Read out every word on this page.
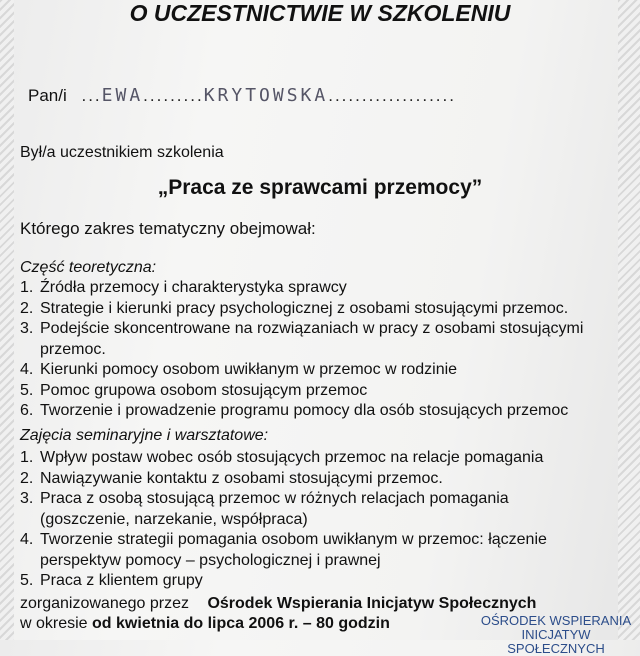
O UCZESTNICTWIE W SZKOLENIU
Pan/i ...EWA.........KRYTOWSKA...................
Był/a uczestnikiem szkolenia
„Praca ze sprawcami przemocy”
Którego zakres tematyczny obejmował:
Część teoretyczna:
1. Źródła przemocy i charakterystyka sprawcy
2. Strategie i kierunki pracy psychologicznej z osobami stosującymi przemoc.
3. Podejście skoncentrowane na rozwiązaniach w pracy z osobami stosującymi
przemoc.
4. Kierunki pomocy osobom uwikłanym w przemoc w rodzinie
5. Pomoc grupowa osobom stosującym przemoc
6. Tworzenie i prowadzenie programu pomocy dla osób stosujących przemoc
Zajęcia seminaryjne i warsztatowe:
1. Wpływ postaw wobec osób stosujących przemoc na relacje pomagania
2. Nawiązywanie kontaktu z osobami stosującymi przemoc.
3. Praca z osobą stosującą przemoc w różnych relacjach pomagania
(goszczenie, narzekanie, współpraca)
4. Tworzenie strategii pomagania osobom uwikłanym w przemoc: łączenie
perspektyw pomocy – psychologicznej i prawnej
5. Praca z klientem grupy
zorganizowanego przez Ośrodek Wspierania Inicjatyw Społecznych
w okresie od kwietnia do lipca 2006 r. – 80 godzin	OŚRODEK WSPIERANIA
INICJATYW SPOŁECZNYCH
